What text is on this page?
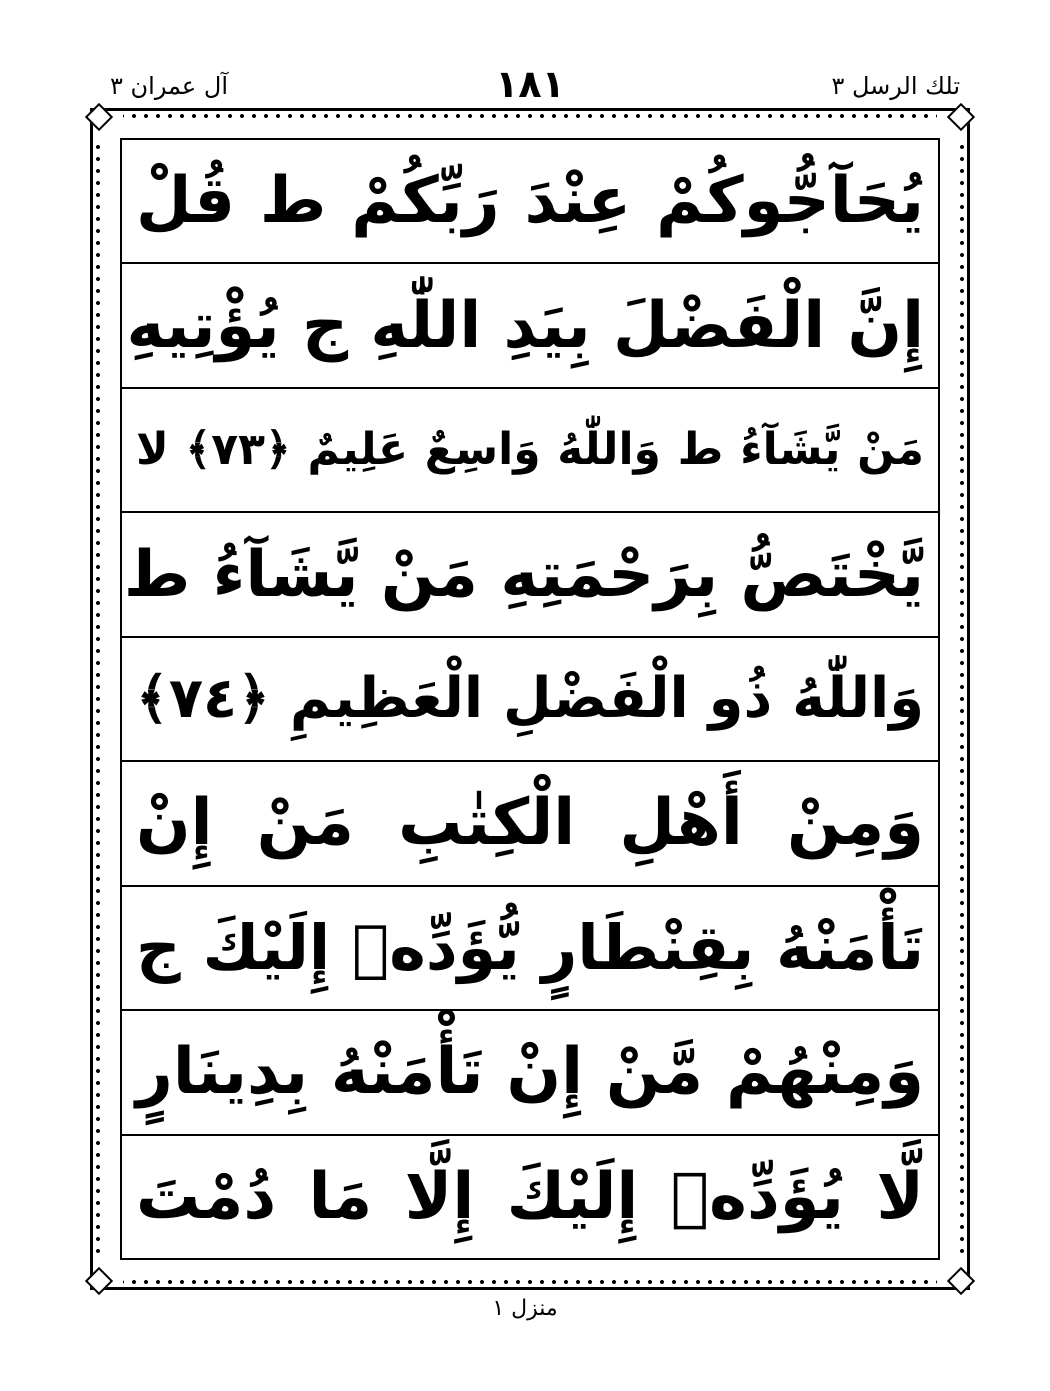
آل عمران ٣	١٨١	تلك الرسل ٣
يُحَآجُّوكُمْ عِنْدَ رَبِّكُمْ ط قُلْ
إِنَّ الْفَضْلَ بِيَدِ اللّٰهِ ج يُؤْتِيهِ
مَنْ يَّشَآءُ ط وَاللّٰهُ وَاسِعٌ عَلِيمٌ ﴿٧٣﴾ لا
يَّخْتَصُّ بِرَحْمَتِهِ مَنْ يَّشَآءُ ط
وَاللّٰهُ ذُو الْفَضْلِ الْعَظِيمِ ﴿٧٤﴾
وَمِنْ أَهْلِ الْكِتٰبِ مَنْ إِنْ
تَأْمَنْهُ بِقِنْطَارٍ يُّؤَدِّهٖ إِلَيْكَ ج
وَمِنْهُمْ مَّنْ إِنْ تَأْمَنْهُ بِدِينَارٍ
لَّا يُؤَدِّهٖ إِلَيْكَ إِلَّا مَا دُمْتَ
منزل ١
